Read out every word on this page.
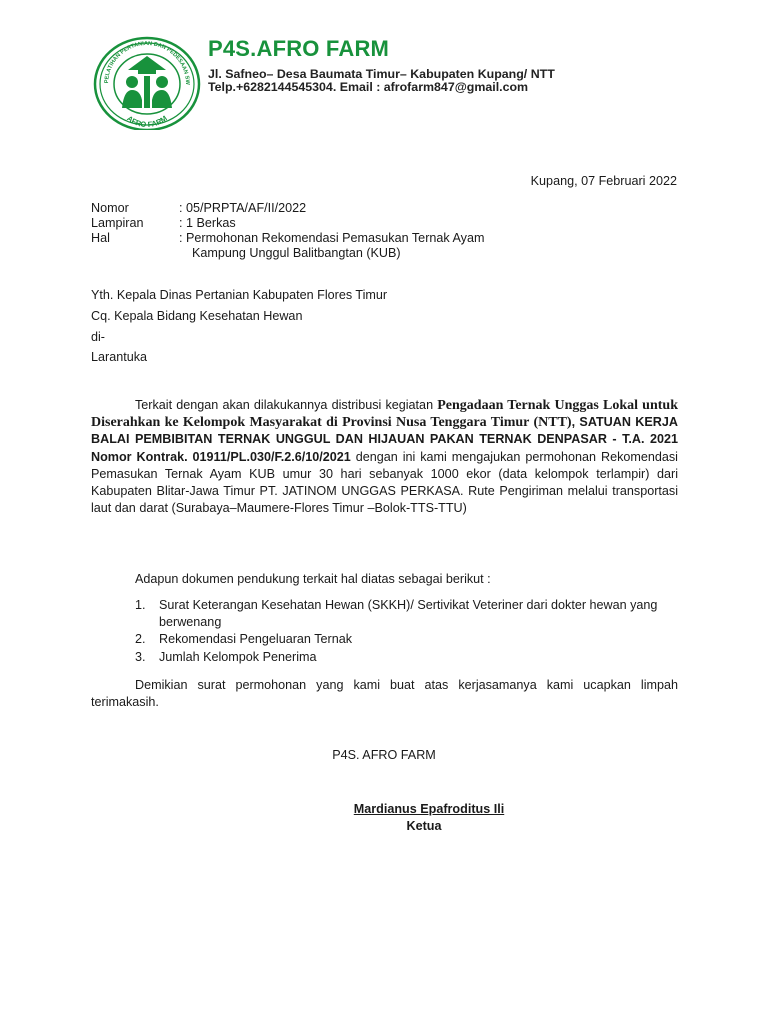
PELATIHAN PERTANIAN DAN PEDESAAN SW
AFRO FARM
P4S.AFRO FARM
Jl. Safneo– Desa Baumata Timur– Kabupaten Kupang/ NTT
Telp.+6282144545304. Email : afrofarm847@gmail.com
Kupang, 07 Februari 2022
Nomor	: 05/PRPTA/AF/II/2022
Lampiran	: 1 Berkas
Hal	: Permohonan Rekomendasi Pemasukan Ternak Ayam
Kampung Unggul Balitbangtan (KUB)
Yth. Kepala Dinas Pertanian Kabupaten Flores Timur
Cq. Kepala Bidang Kesehatan Hewan
di-
Larantuka
Terkait dengan akan dilakukannya distribusi kegiatan Pengadaan Ternak Unggas Lokal untuk Diserahkan ke Kelompok Masyarakat di Provinsi Nusa Tenggara Timur (NTT), SATUAN KERJA BALAI PEMBIBITAN TERNAK UNGGUL DAN HIJAUAN PAKAN TERNAK DENPASAR - T.A. 2021 Nomor Kontrak. 01911/PL.030/F.2.6/10/2021 dengan ini kami mengajukan permohonan Rekomendasi Pemasukan Ternak Ayam KUB umur 30 hari sebanyak 1000 ekor (data kelompok terlampir) dari Kabupaten Blitar-Jawa Timur PT. JATINOM UNGGAS PERKASA. Rute Pengiriman melalui transportasi laut dan darat (Surabaya–Maumere-Flores Timur –Bolok-TTS-TTU)
Adapun dokumen pendukung terkait hal diatas sebagai berikut :
1.	Surat Keterangan Kesehatan Hewan (SKKH)/ Sertivikat Veteriner dari dokter hewan yang berwenang
2.	Rekomendasi Pengeluaran Ternak
3.	Jumlah Kelompok Penerima
Demikian surat permohonan yang kami buat atas kerjasamanya kami ucapkan limpah terimakasih.
P4S. AFRO FARM
Mardianus Epafroditus Ili
Ketua
